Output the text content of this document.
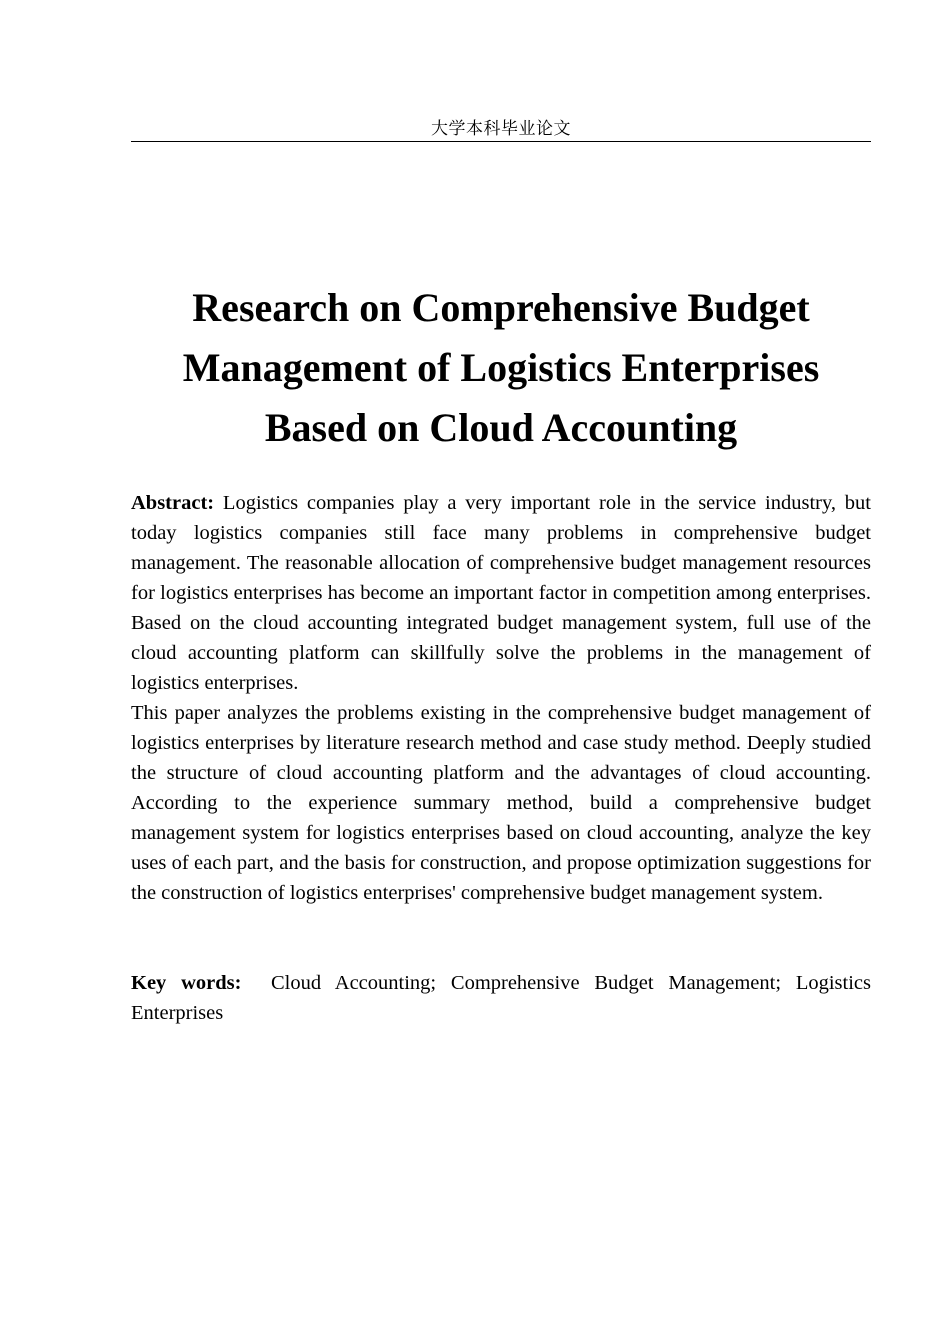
大学本科毕业论文
Research on Comprehensive Budget
Management of Logistics Enterprises
Based on Cloud Accounting

Abstract: Logistics companies play a very important role in the service industry, but today logistics companies still face many problems in comprehensive budget management. The reasonable allocation of comprehensive budget management resources for logistics enterprises has become an important factor in competition among enterprises. Based on the cloud accounting integrated budget management system, full use of the cloud accounting platform can skillfully solve the problems in the management of logistics enterprises.

This paper analyzes the problems existing in the comprehensive budget management of logistics enterprises by literature research method and case study method. Deeply studied the structure of cloud accounting platform and the advantages of cloud accounting. According to the experience summary method, build a comprehensive budget management system for logistics enterprises based on cloud accounting, analyze the key uses of each part, and the basis for construction, and propose optimization suggestions for the construction of logistics enterprises' comprehensive budget management system.

Key words: Cloud Accounting; Comprehensive Budget Management; Logistics Enterprises
